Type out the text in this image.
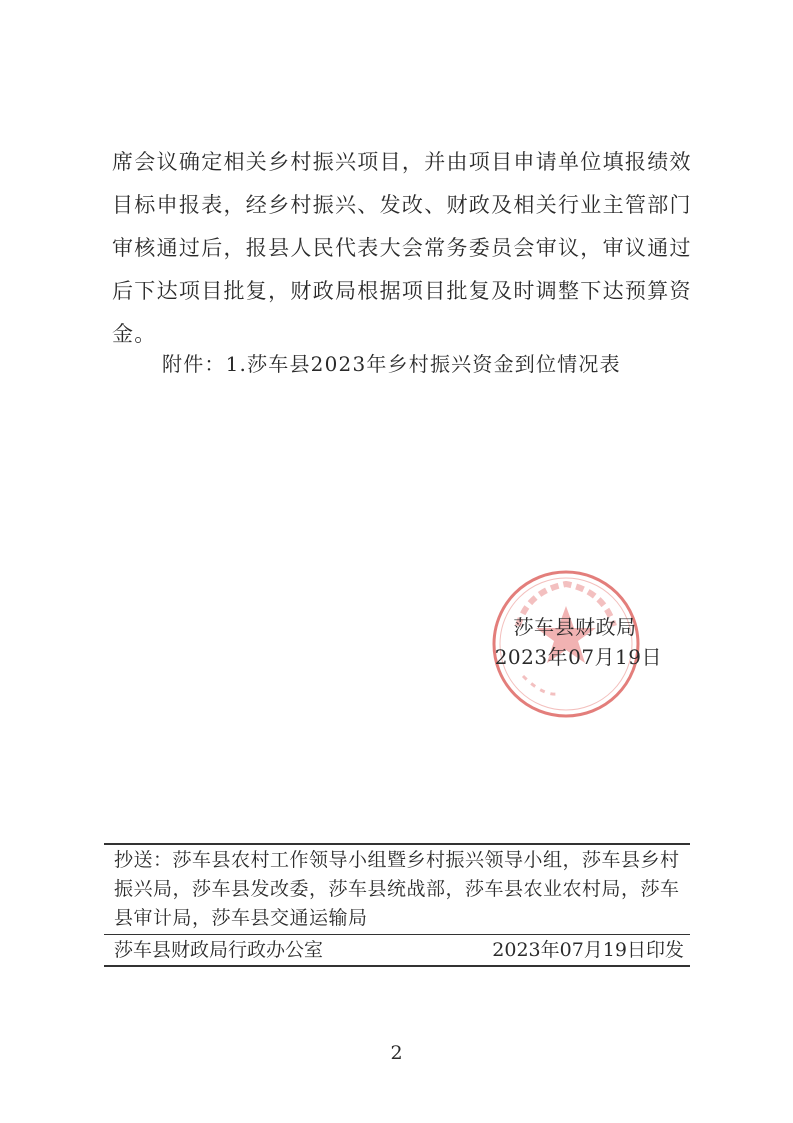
席会议确定相关乡村振兴项目，并由项目申请单位填报绩效目标申报表，经乡村振兴、发改、财政及相关行业主管部门审核通过后，报县人民代表大会常务委员会审议，审议通过后下达项目批复，财政局根据项目批复及时调整下达预算资金。

附件：1.莎车县2023年乡村振兴资金到位情况表

莎车县财政局
2023年07月19日
抄送：莎车县农村工作领导小组暨乡村振兴领导小组，莎车县乡村振兴局，莎车县发改委，莎车县统战部，莎车县农业农村局，莎车县审计局，莎车县交通运输局
莎车县财政局行政办公室	2023年07月19日印发
2
